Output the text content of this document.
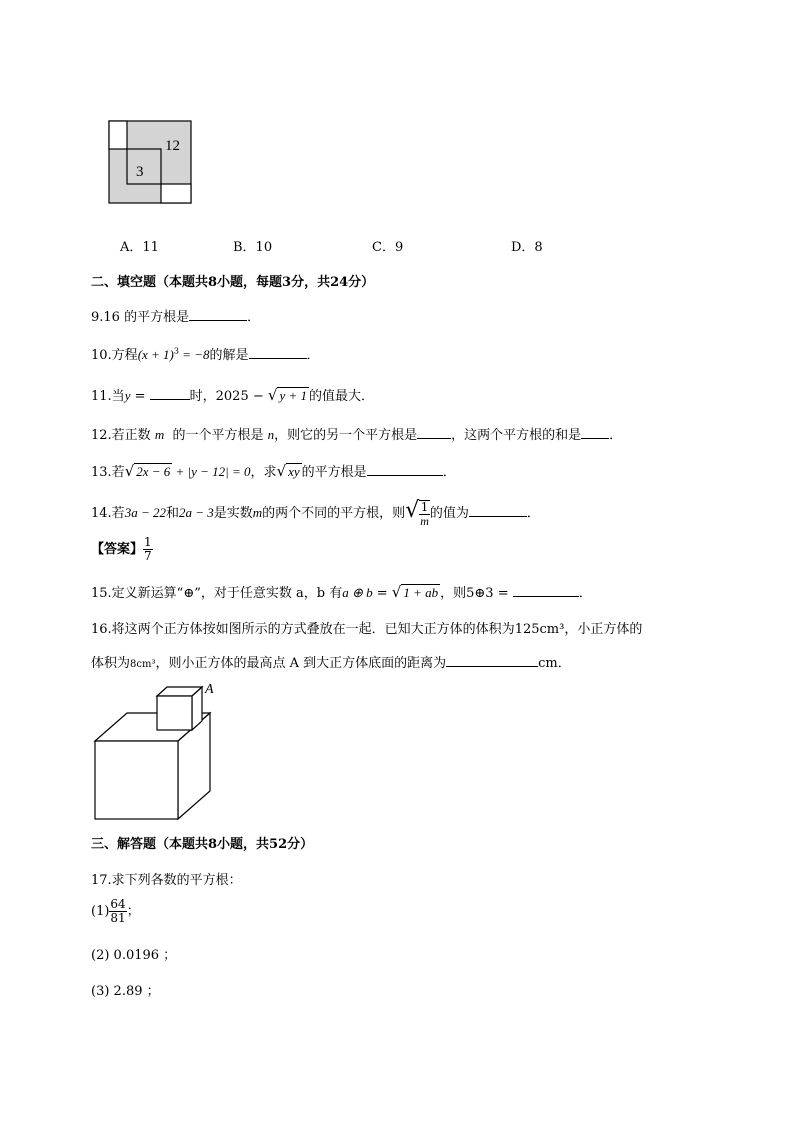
12
3
A．11	B．10	C．9	D．8
二、填空题（本题共8小题，每题3分，共24分）
9.16 的平方根是	．
10.方程$(x + 1)^3 = -8$的解是	．
11.当y =	时，2025 − √ y + 1 的值最大．
12.若正数 m 的一个平方根是 n，则它的另一个平方根是	，这两个平方根的和是 ．
13.若√ 2x − 6 + |y − 12| = 0，求√ xy 的平方根是	．
14.若3a − 22和2a − 3是实数m的两个不同的平方根，则√ $\frac{1}{m}$ 的值为	．
【答案】 $\frac{1}{7}$
15.定义新运算“⊕”，对于任意实数 a，b 有a ⊕ b = √ 1 + ab ，则5⊕3 =	．
16.将这两个正方体按如图所示的方式叠放在一起．已知大正方体的体积为125cm³，小正方体的
体积为8cm³，则小正方体的最高点 A 到大正方体底面的距离为	cm．
A
三、解答题（本题共8小题，共52分）
17.求下列各数的平方根：
$(1) \frac{64}{81}$ ；
(2) 0.0196 ；
(3) 2.89 ；
